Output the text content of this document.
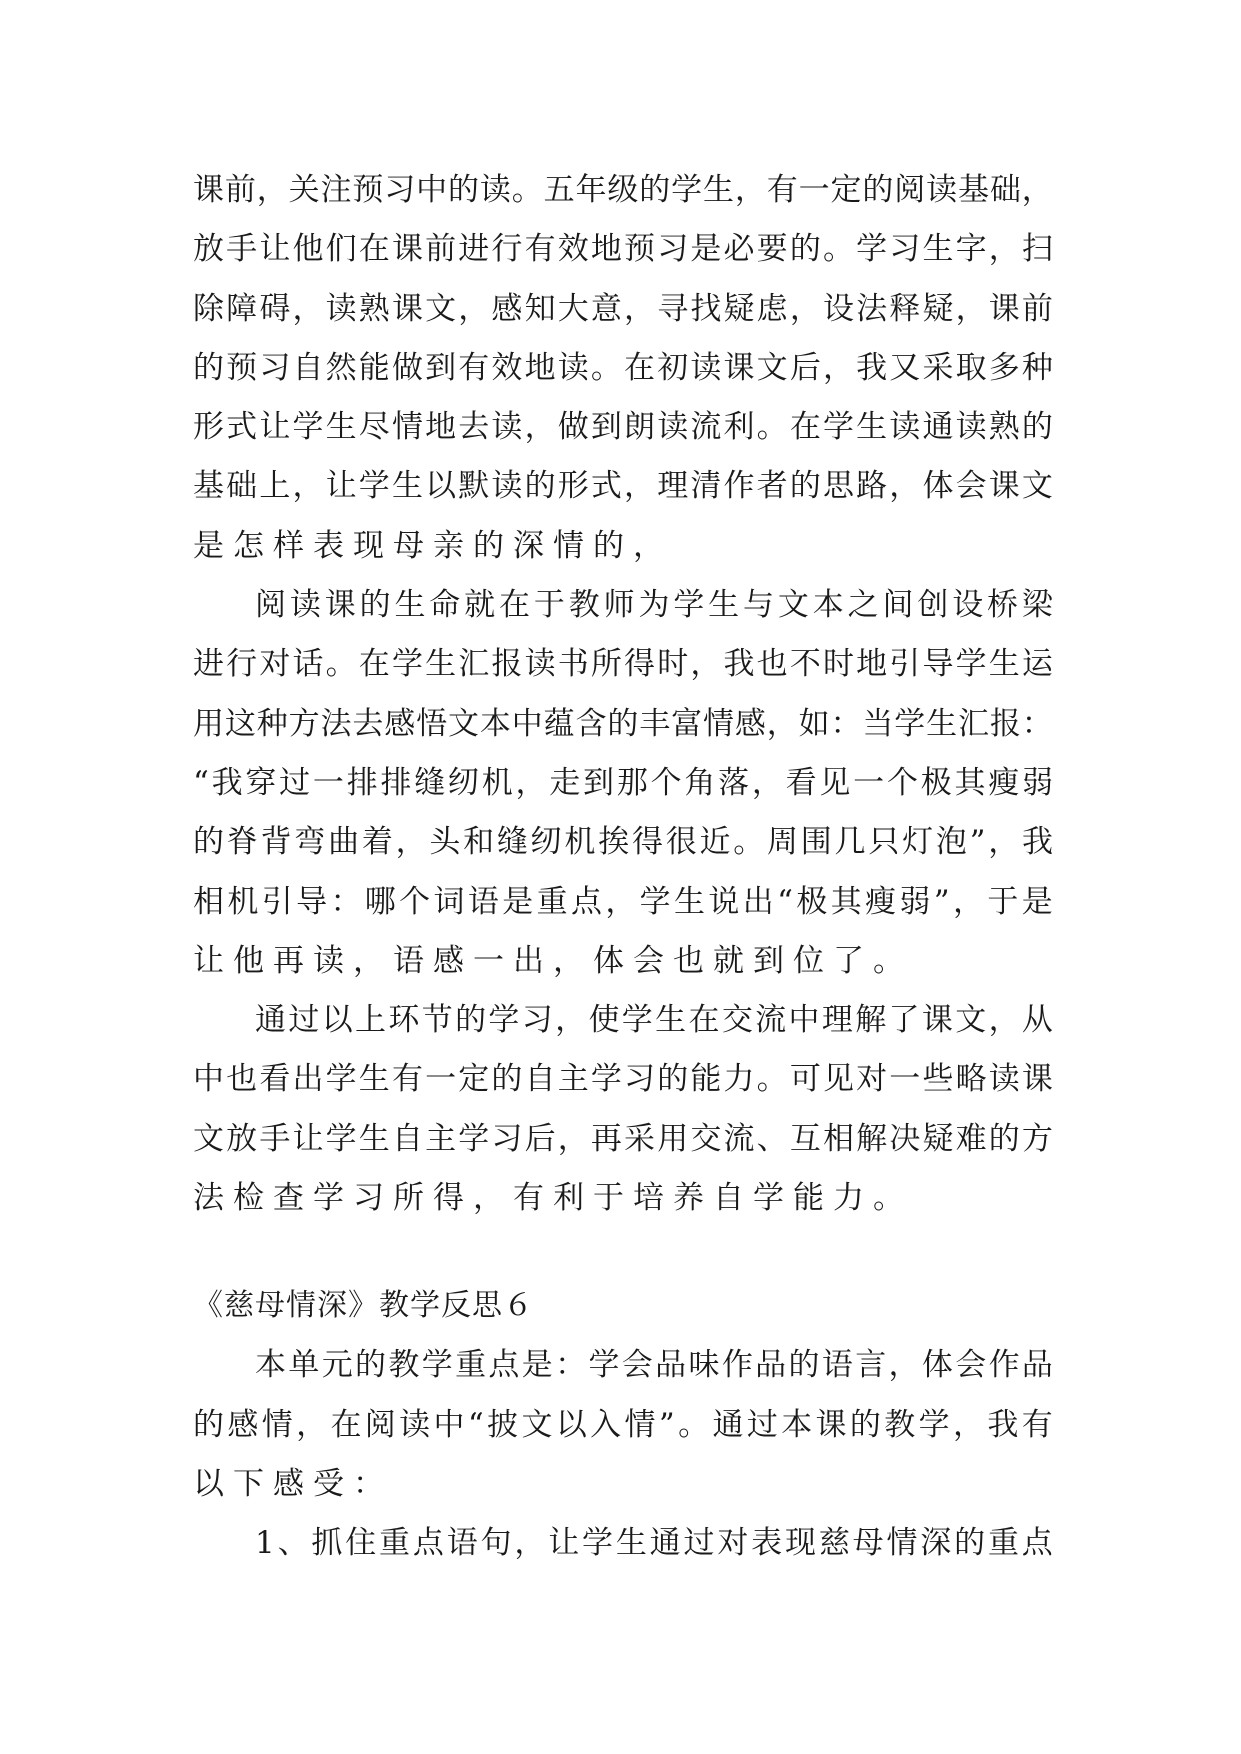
课 前 ， 关 注 预 习 中 的 读 。 五 年 级 的 学 生 ， 有 一 定 的 阅 读 基 础 ，
放 手 让 他 们 在 课 前 进 行 有 效 地 预 习 是 必 要 的 。 学 习 生 字 ， 扫
除 障 碍 ， 读 熟 课 文 ， 感 知 大 意 ， 寻 找 疑 虑 ， 设 法 释 疑 ， 课 前
的 预 习 自 然 能 做 到 有 效 地 读 。 在 初 读 课 文 后 ， 我 又 采 取 多 种
形 式 让 学 生 尽 情 地 去 读 ， 做 到 朗 读 流 利 。 在 学 生 读 通 读 熟 的
基 础 上 ， 让 学 生 以 默 读 的 形 式 ， 理 清 作 者 的 思 路 ， 体 会 课 文
是怎样表现母亲的深情的，
阅 读 课 的 生 命 就 在 于 教 师 为 学 生 与 文 本 之 间 创 设 桥 梁
进 行 对 话 。 在 学 生 汇 报 读 书 所 得 时 ， 我 也 不 时 地 引 导 学 生 运
用 这 种 方 法 去 感 悟 文 本 中 蕴 含 的 丰 富 情 感 ， 如 ： 当 学 生 汇 报 ：
“ 我 穿 过 一 排 排 缝 纫 机 ， 走 到 那 个 角 落 ， 看 见 一 个 极 其 瘦 弱
的 脊 背 弯 曲 着 ， 头 和 缝 纫 机 挨 得 很 近 。 周 围 几 只 灯 泡 ” ， 我
相 机 引 导 ： 哪 个 词 语 是 重 点 ， 学 生 说 出 “ 极 其 瘦 弱 ” ， 于 是
让他再读，语感一出，体会也就到位了。
通 过 以 上 环 节 的 学 习 ， 使 学 生 在 交 流 中 理 解 了 课 文 ， 从
中 也 看 出 学 生 有 一 定 的 自 主 学 习 的 能 力 。 可 见 对 一 些 略 读 课
文 放 手 让 学 生 自 主 学 习 后 ， 再 采 用 交 流 、 互 相 解 决 疑 难 的 方
法检查学习所得，有利于培养自学能力。
《慈母情深》教学反思６
本 单 元 的 教 学 重 点 是 ： 学 会 品 味 作 品 的 语 言 ， 体 会 作 品
的 感 情 ， 在 阅 读 中 “ 披 文 以 入 情 ” 。 通 过 本 课 的 教 学 ， 我 有
以下感受：
1 、 抓 住 重 点 语 句 ， 让 学 生 通 过 对 表 现 慈 母 情 深 的 重 点
